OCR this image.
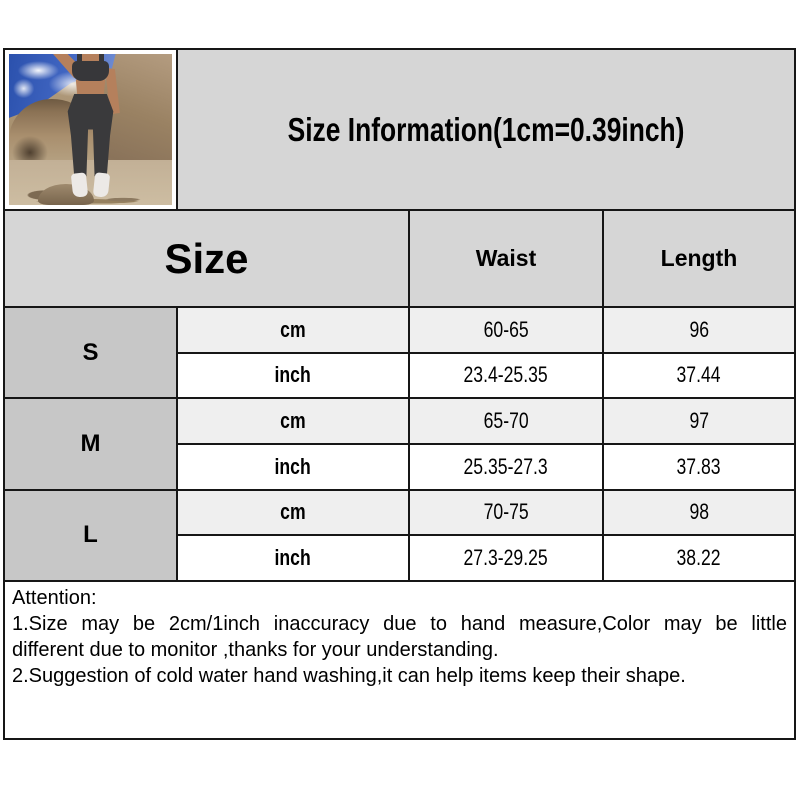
Size Information(1cm=0.39inch)
Size	Waist	Length
S
cm	60-65	96
inch	23.4-25.35	37.44
M
cm	65-70	97
inch	25.35-27.3	37.83
L
cm	70-75	98
inch	27.3-29.25	38.22
Attention:
1.Size may be 2cm/1inch inaccuracy due to hand measure,Color may be little
different due to monitor ,thanks for your understanding.
2.Suggestion of cold water hand washing,it can help items keep their shape.
